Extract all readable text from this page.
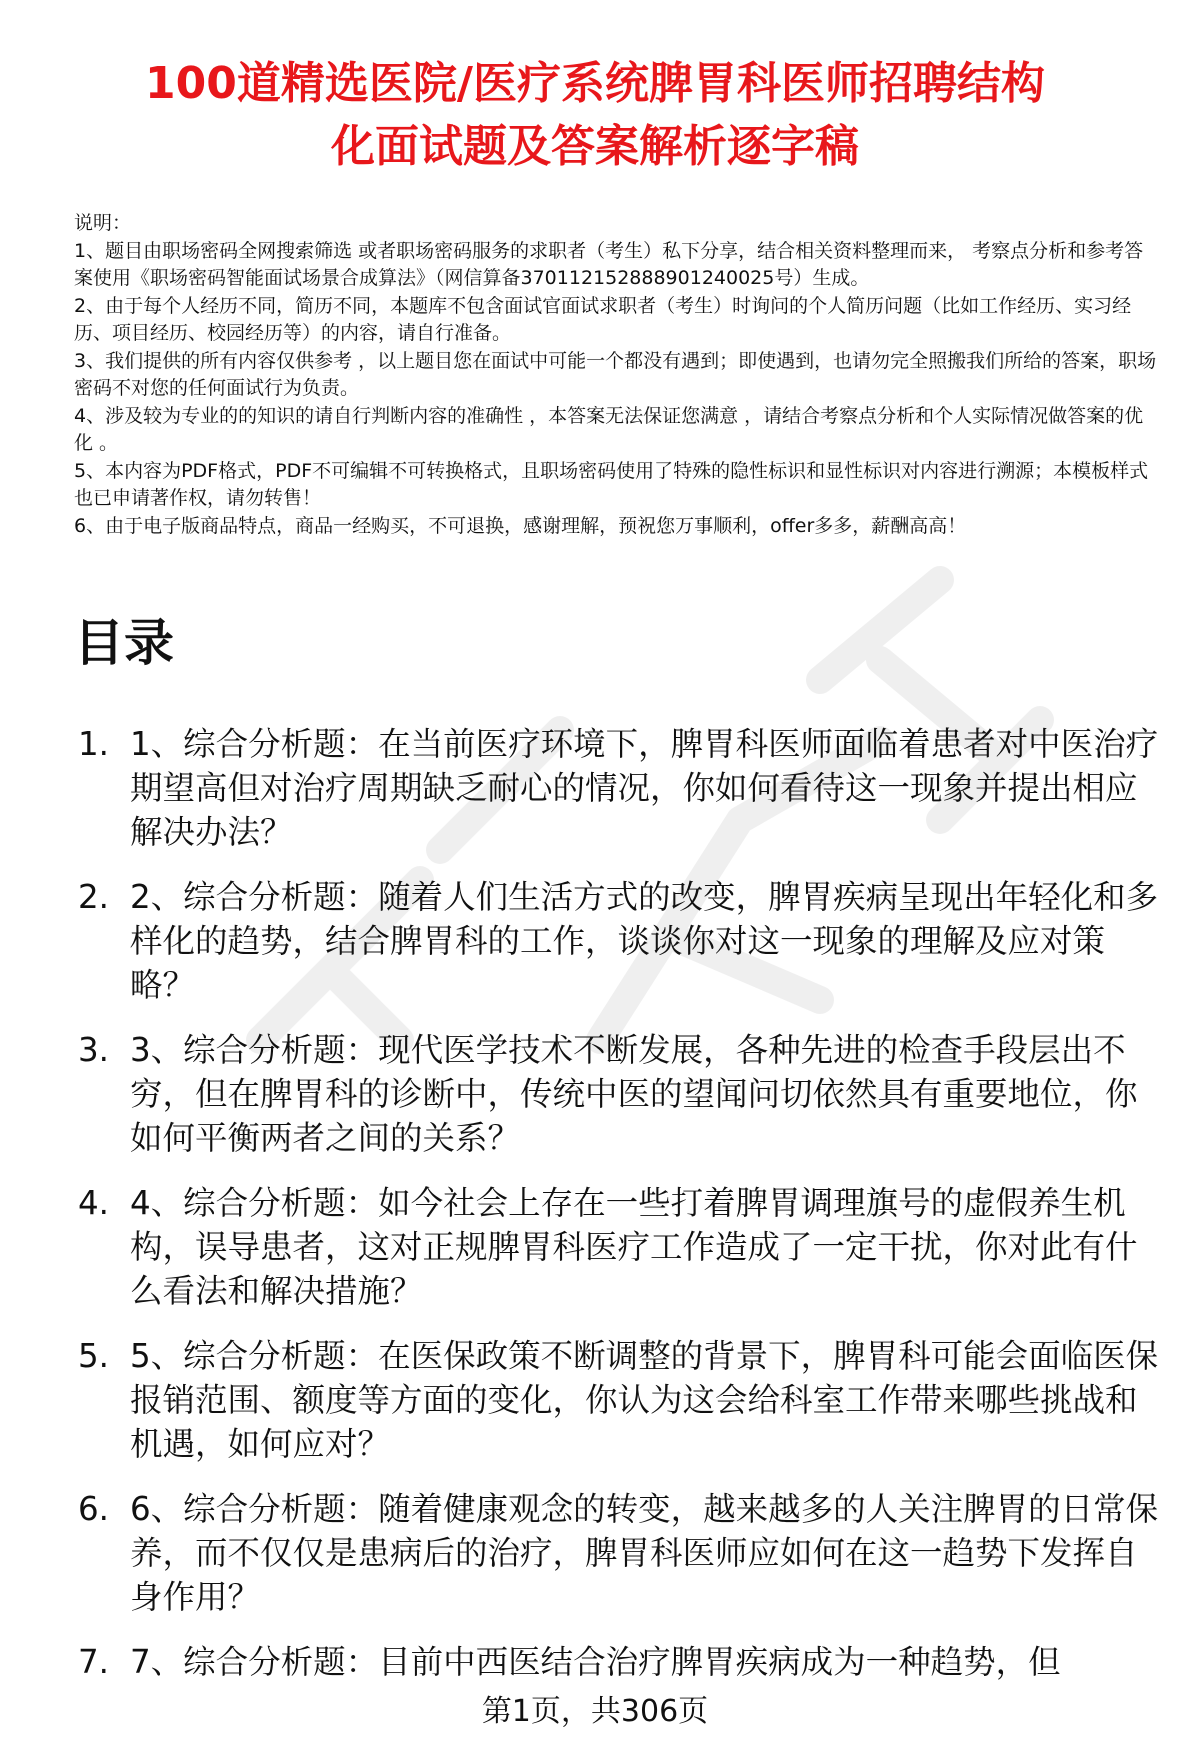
100道精选医院/医疗系统脾胃科医师招聘结构
化面试题及答案解析逐字稿

说明：

1、题目由职场密码全网搜索筛选 或者职场密码服务的求职者（考生）私下分享，结合相关资料整理而来， 考察点分析和参考答案使用《职场密码智能面试场景合成算法》（网信算备370112152888901240025号）生成。

2、由于每个人经历不同，简历不同，本题库不包含面试官面试求职者（考生）时询问的个人简历问题（比如工作经历、实习经历、项目经历、校园经历等）的内容，请自行准备。

3、我们提供的所有内容仅供参考 ，以上题目您在面试中可能一个都没有遇到；即使遇到，也请勿完全照搬我们所给的答案，职场密码不对您的任何面试行为负责。

4、涉及较为专业的的知识的请自行判断内容的准确性 ，本答案无法保证您满意 ，请结合考察点分析和个人实际情况做答案的优化 。

5、本内容为PDF格式，PDF不可编辑不可转换格式，且职场密码使用了特殊的隐性标识和显性标识对内容进行溯源；本模板样式也已申请著作权，请勿转售！

6、由于电子版商品特点，商品一经购买，不可退换，感谢理解，预祝您万事顺利，offer多多，薪酬高高！

目录
1. 1、综合分析题：在当前医疗环境下，脾胃科医师面临着患者对中医治疗期望高但对治疗周期缺乏耐心的情况，你如何看待这一现象并提出相应解决办法？
2. 2、综合分析题：随着人们生活方式的改变，脾胃疾病呈现出年轻化和多样化的趋势，结合脾胃科的工作，谈谈你对这一现象的理解及应对策略？
3. 3、综合分析题：现代医学技术不断发展，各种先进的检查手段层出不穷，但在脾胃科的诊断中，传统中医的望闻问切依然具有重要地位，你如何平衡两者之间的关系？
4. 4、综合分析题：如今社会上存在一些打着脾胃调理旗号的虚假养生机构，误导患者，这对正规脾胃科医疗工作造成了一定干扰，你对此有什么看法和解决措施？
5. 5、综合分析题：在医保政策不断调整的背景下，脾胃科可能会面临医保报销范围、额度等方面的变化，你认为这会给科室工作带来哪些挑战和机遇，如何应对？
6. 6、综合分析题：随着健康观念的转变，越来越多的人关注脾胃的日常保养，而不仅仅是患病后的治疗，脾胃科医师应如何在这一趋势下发挥自身作用？
7. 7、综合分析题：目前中西医结合治疗脾胃疾病成为一种趋势，但
第1页，共306页
